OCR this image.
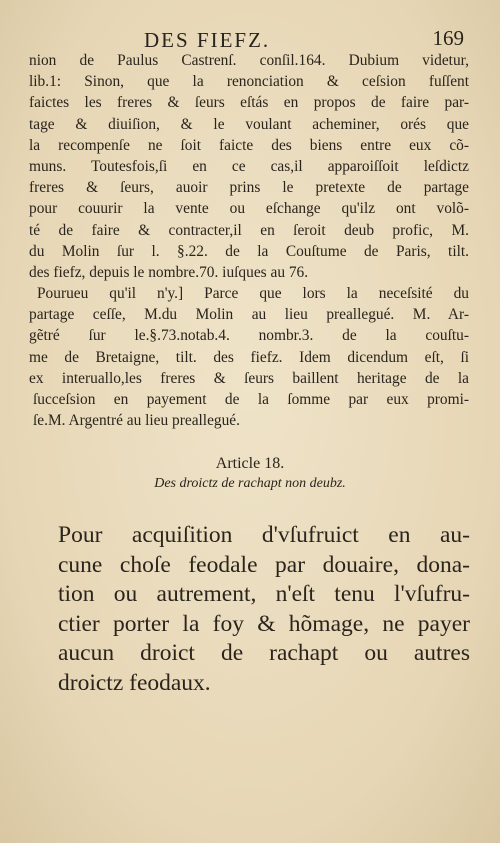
DES FIEFZ.	169
nion de Paulus Castrenſ. conſil.164. Dubium videtur,
lib.1: Sinon, que la renonciation & ceſsion fuſſent
faictes les freres & ſeurs eſtás en propos de faire par-
tage & diuiſion, & le voulant acheminer, orés que
la recompenſe ne ſoit faicte des biens entre eux cõ-
muns. Toutesfois,ſi en ce cas,il apparoiſſoit leſdictz
freres & ſeurs, auoir prins le pretexte de partage
pour couurir la vente ou eſchange qu'ilz ont volõ-
té de faire & contracter,il en ſeroit deub profic, M.
du Molin ſur l. §.22. de la Couſtume de Paris, tilt.
des fiefz, depuis le nombre.70. iuſques au 76.
Pourueu qu'il n'y.] Parce que lors la neceſsité du
partage ceſſe, M.du Molin au lieu preallegué. M. Ar-
gẽtré ſur le.§.73.notab.4. nombr.3. de la couſtu-
me de Bretaigne, tilt. des fiefz. Idem dicendum eſt, ſi
ex interuallo,les freres & ſeurs baillent heritage de la
ſucceſsion en payement de la ſomme par eux promi-
ſe.M. Argentré au lieu preallegué.
Article 18.
Des droictz de rachapt non deubz.
Pour acquiſition d'vſufruict en au-
cune choſe feodale par douaire, dona-
tion ou autrement, n'eſt tenu l'vſufru-
ctier porter la foy & hõmage, ne payer
aucun droict de rachapt ou autres
droictz feodaux.
